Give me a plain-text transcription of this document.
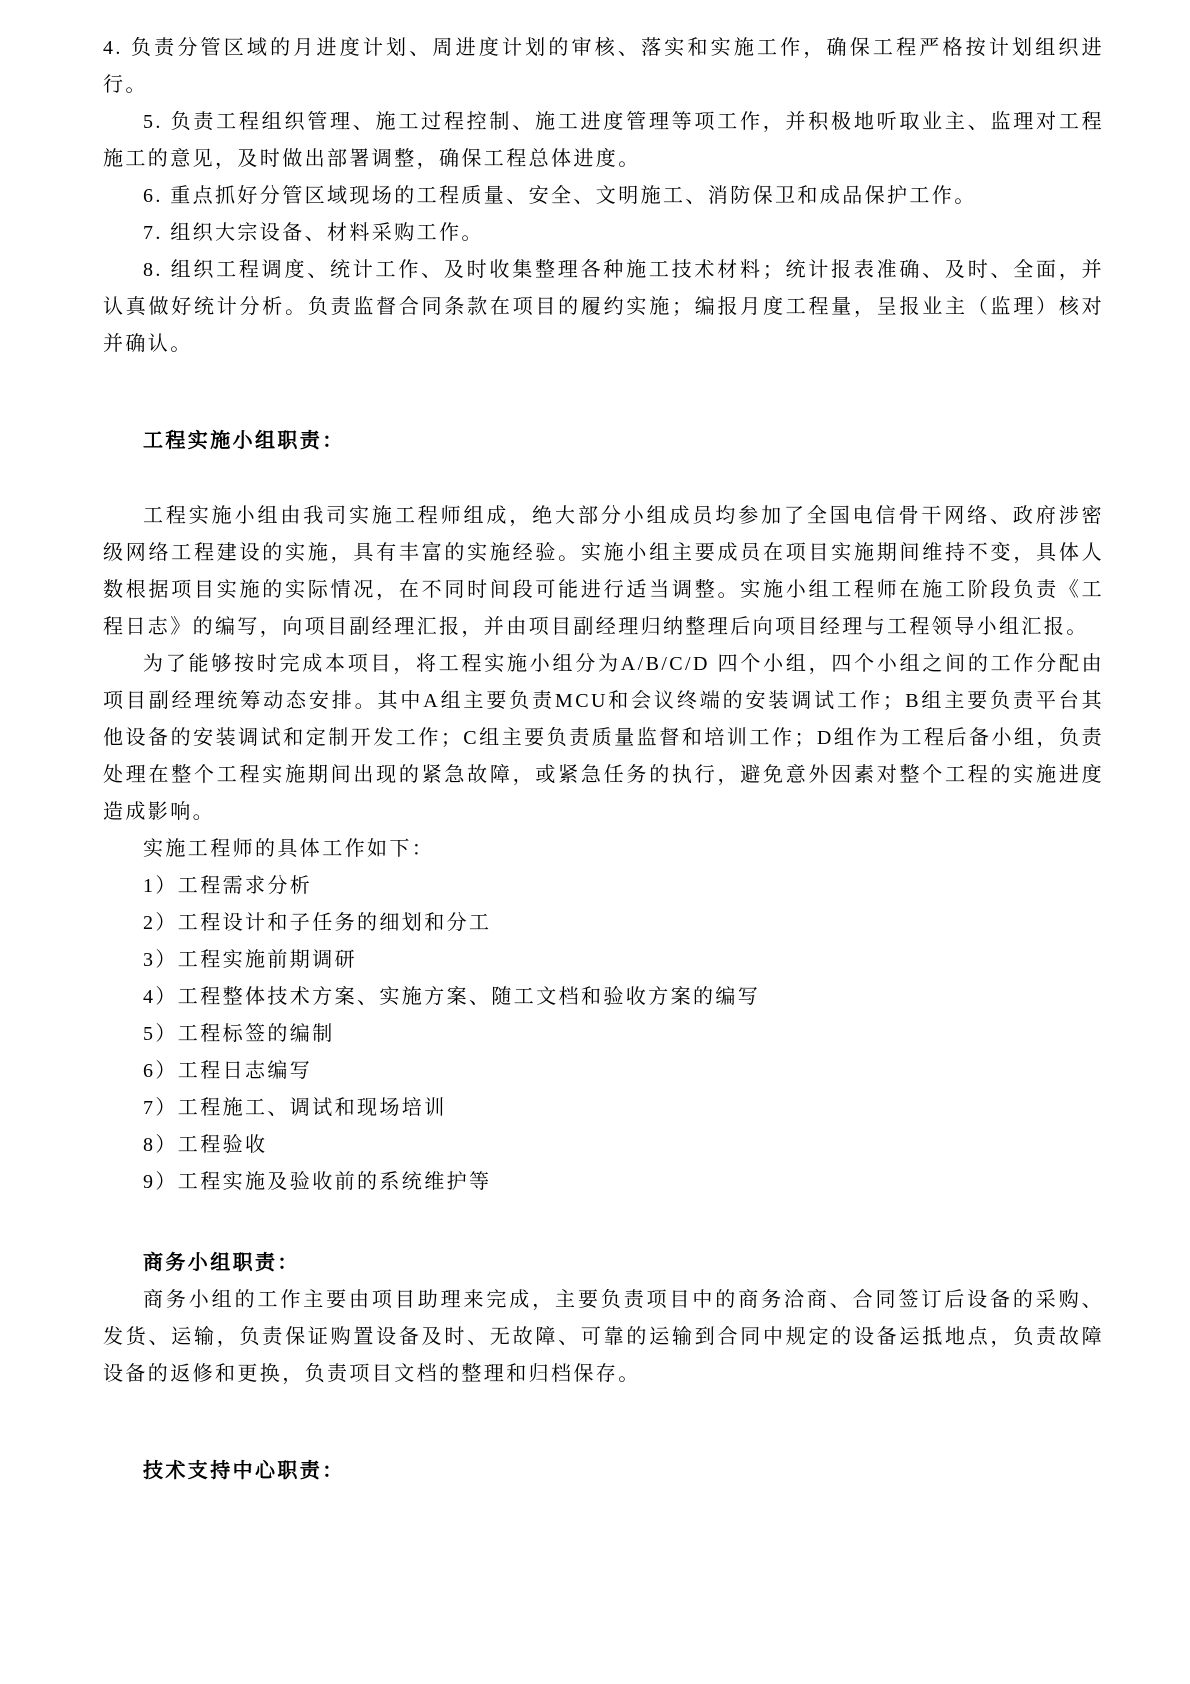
4. 负责分管区域的月进度计划、周进度计划的审核、落实和实施工作，确保工程严格按计划组织进行。

5. 负责工程组织管理、施工过程控制、施工进度管理等项工作，并积极地听取业主、监理对工程施工的意见，及时做出部署调整，确保工程总体进度。

6. 重点抓好分管区域现场的工程质量、安全、文明施工、消防保卫和成品保护工作。

7. 组织大宗设备、材料采购工作。

8. 组织工程调度、统计工作、及时收集整理各种施工技术材料；统计报表准确、及时、全面，并认真做好统计分析。负责监督合同条款在项目的履约实施；编报月度工程量，呈报业主（监理）核对并确认。

工程实施小组职责：

工程实施小组由我司实施工程师组成，绝大部分小组成员均参加了全国电信骨干网络、政府涉密级网络工程建设的实施，具有丰富的实施经验。实施小组主要成员在项目实施期间维持不变，具体人数根据项目实施的实际情况，在不同时间段可能进行适当调整。实施小组工程师在施工阶段负责《工程日志》的编写，向项目副经理汇报，并由项目副经理归纳整理后向项目经理与工程领导小组汇报。

为了能够按时完成本项目，将工程实施小组分为A/B/C/D 四个小组，四个小组之间的工作分配由项目副经理统筹动态安排。其中A组主要负责MCU和会议终端的安装调试工作；B组主要负责平台其他设备的安装调试和定制开发工作；C组主要负责质量监督和培训工作；D组作为工程后备小组，负责处理在整个工程实施期间出现的紧急故障，或紧急任务的执行，避免意外因素对整个工程的实施进度造成影响。

实施工程师的具体工作如下：

1）工程需求分析

2）工程设计和子任务的细划和分工

3）工程实施前期调研

4）工程整体技术方案、实施方案、随工文档和验收方案的编写

5）工程标签的编制

6）工程日志编写

7）工程施工、调试和现场培训

8）工程验收

9）工程实施及验收前的系统维护等

商务小组职责：

商务小组的工作主要由项目助理来完成，主要负责项目中的商务洽商、合同签订后设备的采购、发货、运输，负责保证购置设备及时、无故障、可靠的运输到合同中规定的设备运抵地点，负责故障设备的返修和更换，负责项目文档的整理和归档保存。

技术支持中心职责：
